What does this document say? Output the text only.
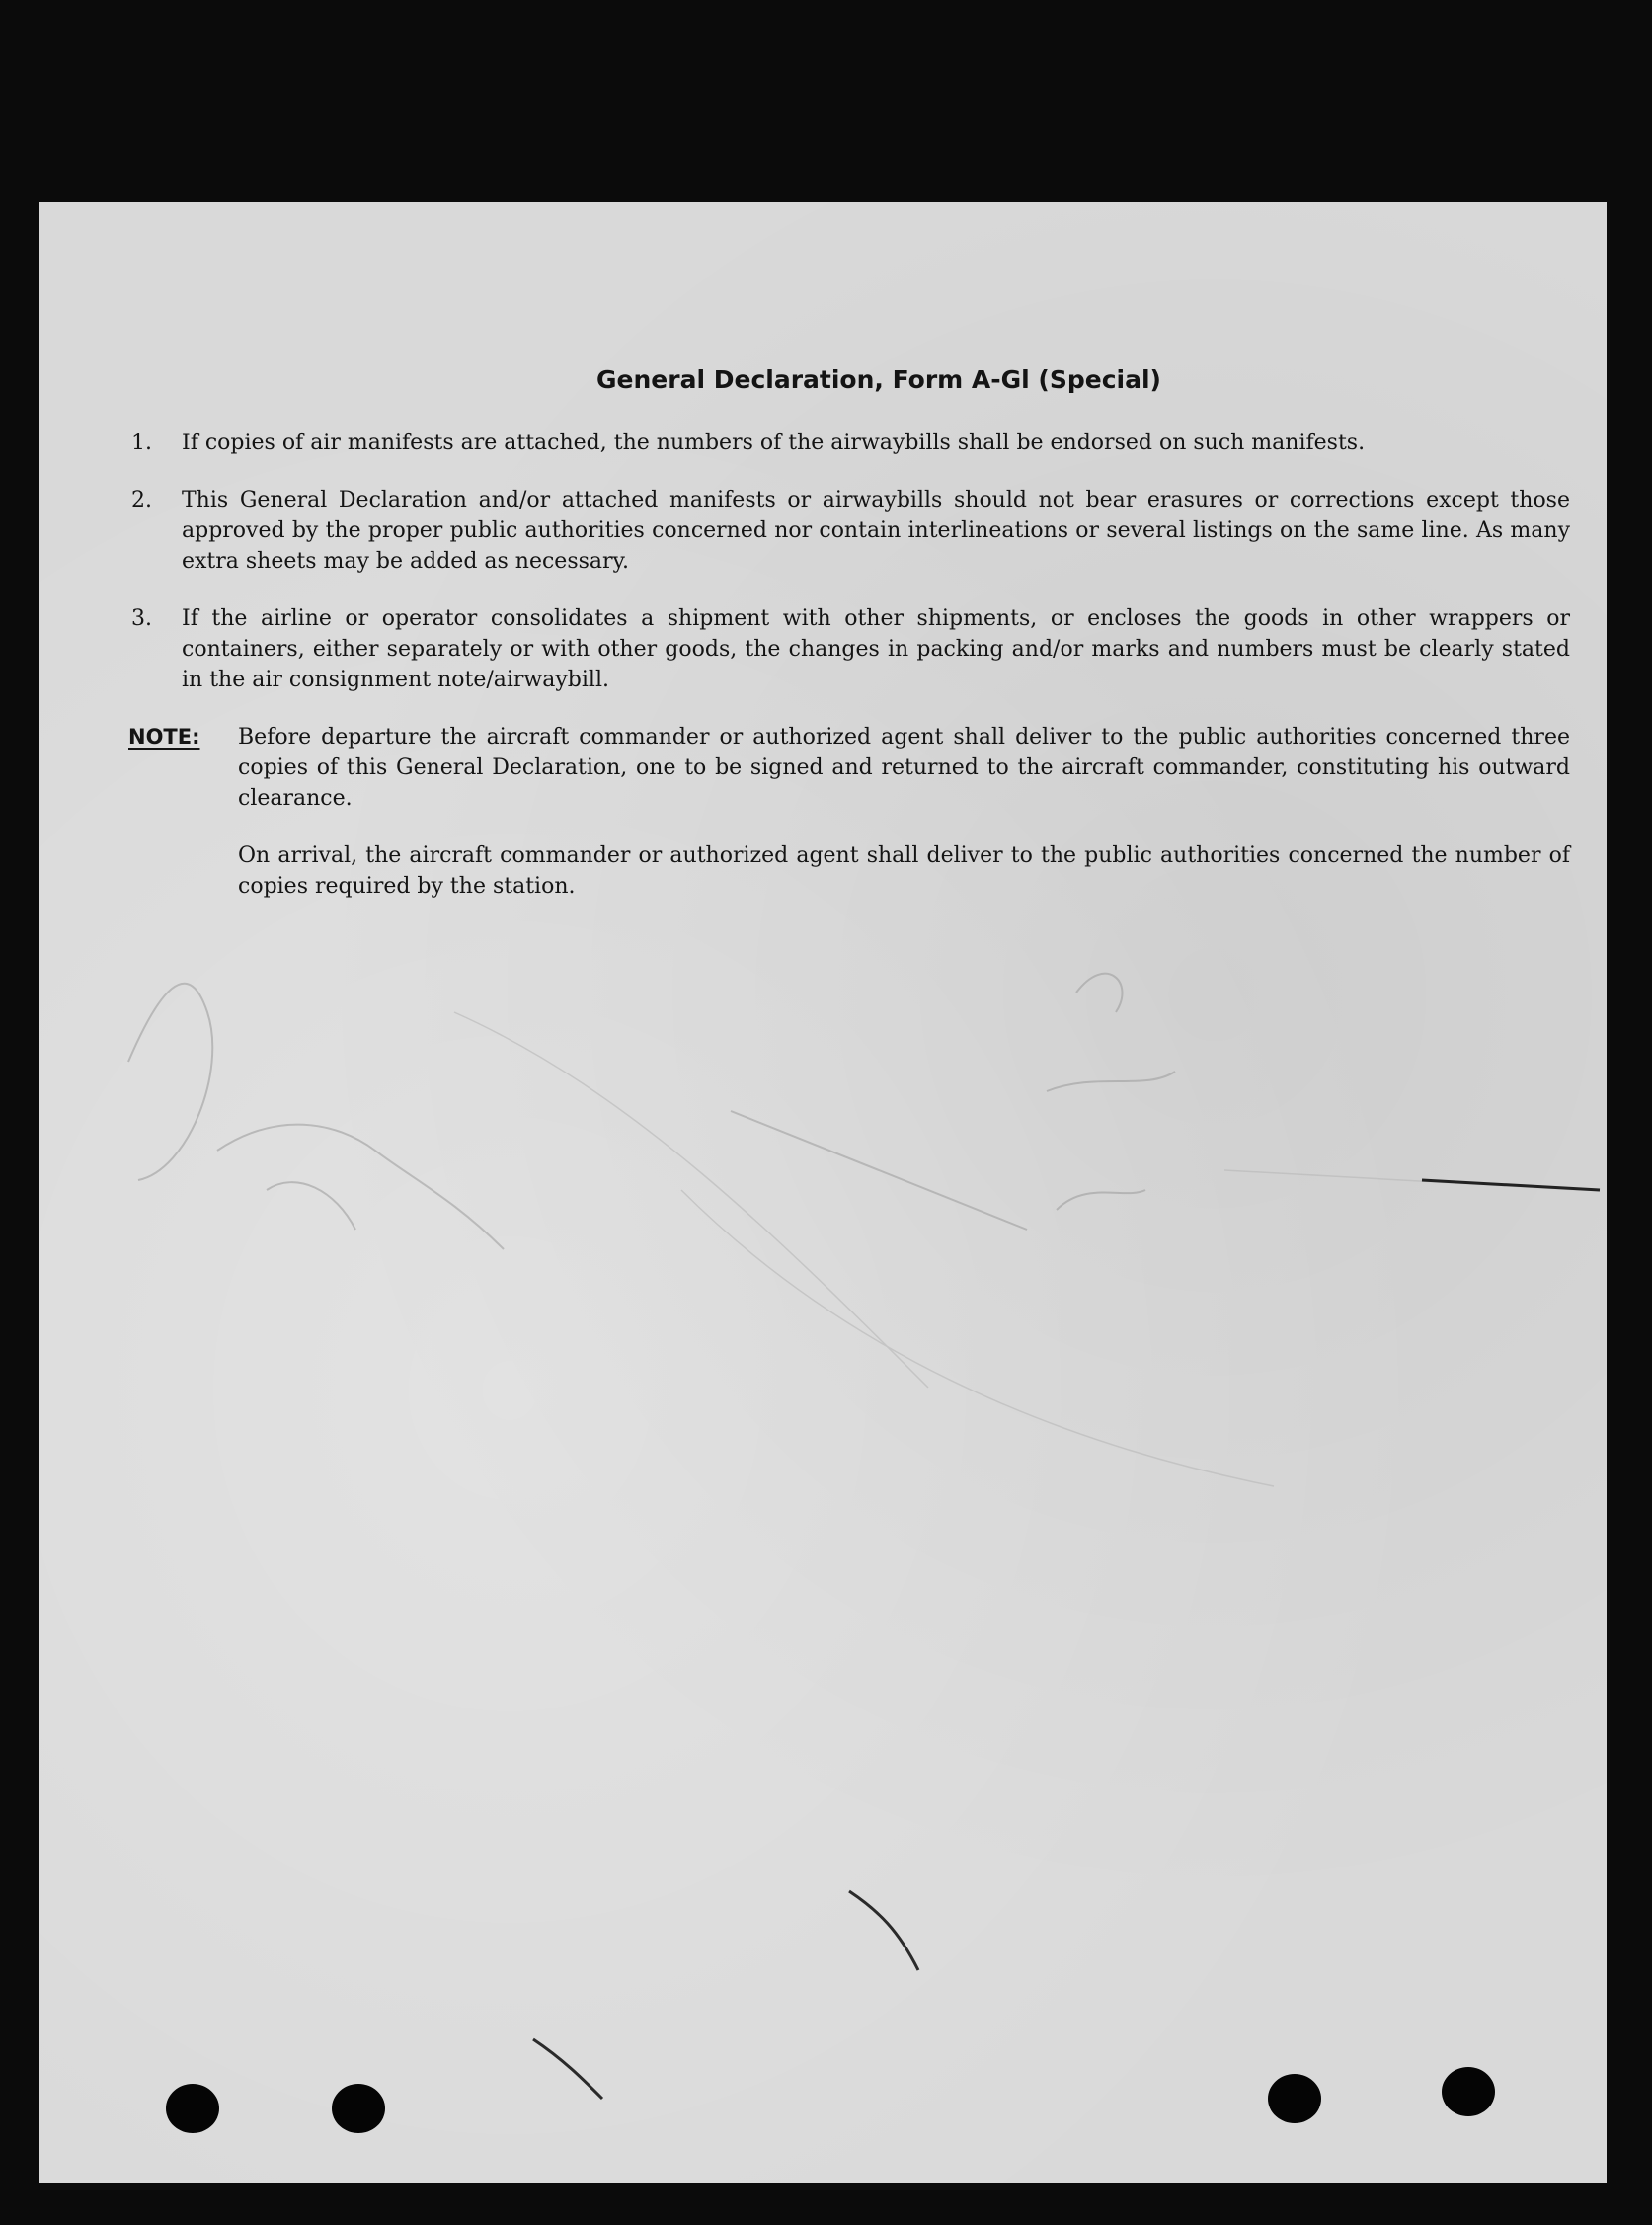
General Declaration, Form A-Gl (Special)
1.	If copies of air manifests are attached, the numbers of the airwaybills shall be endorsed on such manifests.
2.	This General Declaration and/or attached manifests or airwaybills should not bear erasures or corrections except those approved by the proper public authorities concerned nor contain interlineations or several listings on the same line. As many extra sheets may be added as necessary.
3.	If the airline or operator consolidates a shipment with other shipments, or encloses the goods in other wrappers or containers, either separately or with other goods, the changes in packing and/or marks and numbers must be clearly stated in the air consignment note/airwaybill.
NOTE:	Before departure the aircraft commander or authorized agent shall deliver to the public authorities concerned three copies of this General Declaration, one to be signed and returned to the aircraft commander, constituting his outward clearance.

On arrival, the aircraft commander or authorized agent shall deliver to the public authorities concerned the number of copies required by the station.
